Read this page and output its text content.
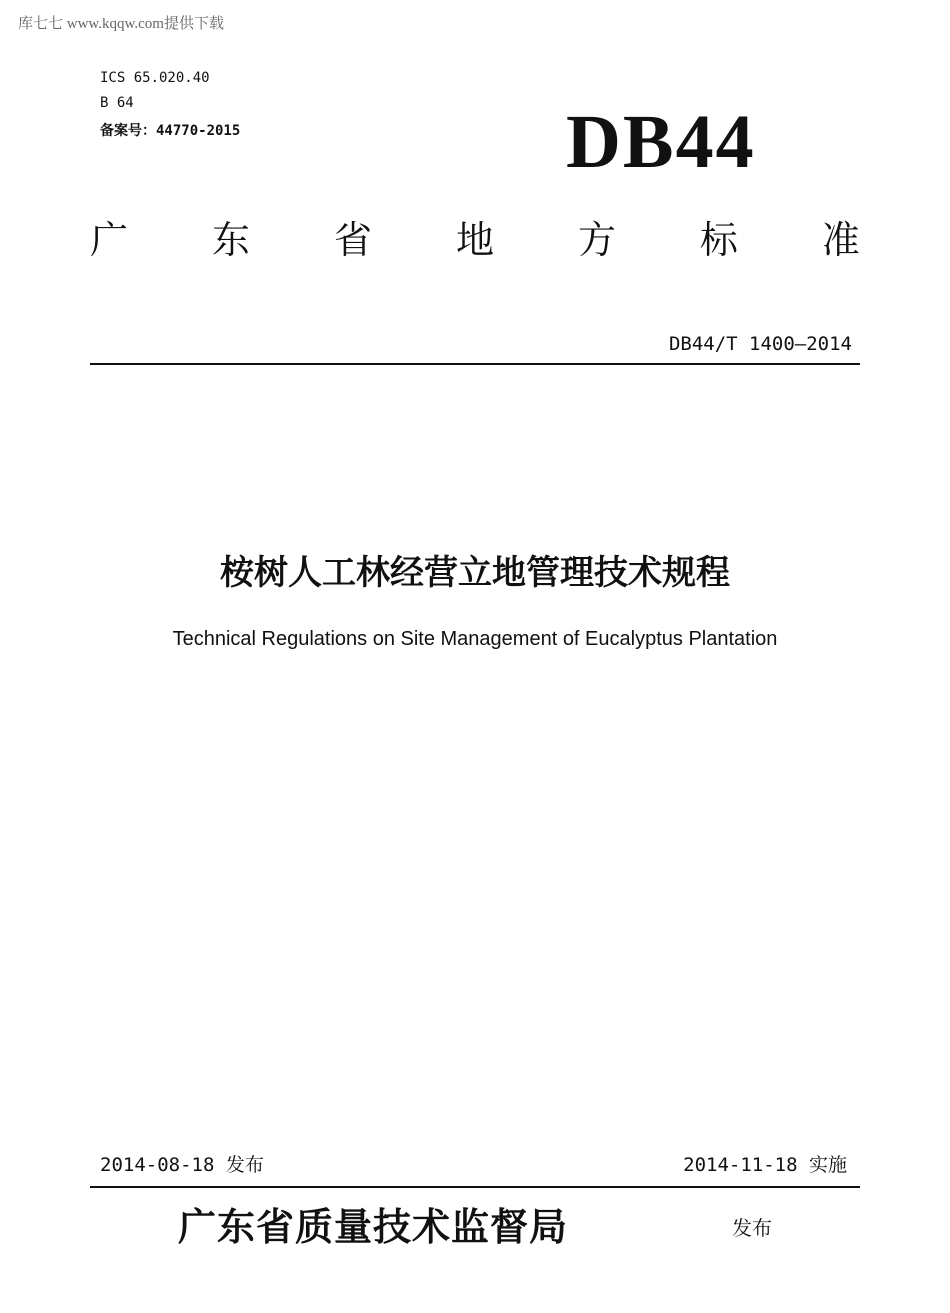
库七七 www.kqqw.com提供下载
ICS 65.020.40
B 64
备案号：44770-2015	DB44
广 东 省 地 方 标 准
DB44/T 1400—2014
桉树人工林经营立地管理技术规程
Technical Regulations on Site Management of Eucalyptus Plantation
2014-08-18 发布	2014-11-18 实施
广东省质量技术监督局	发布
